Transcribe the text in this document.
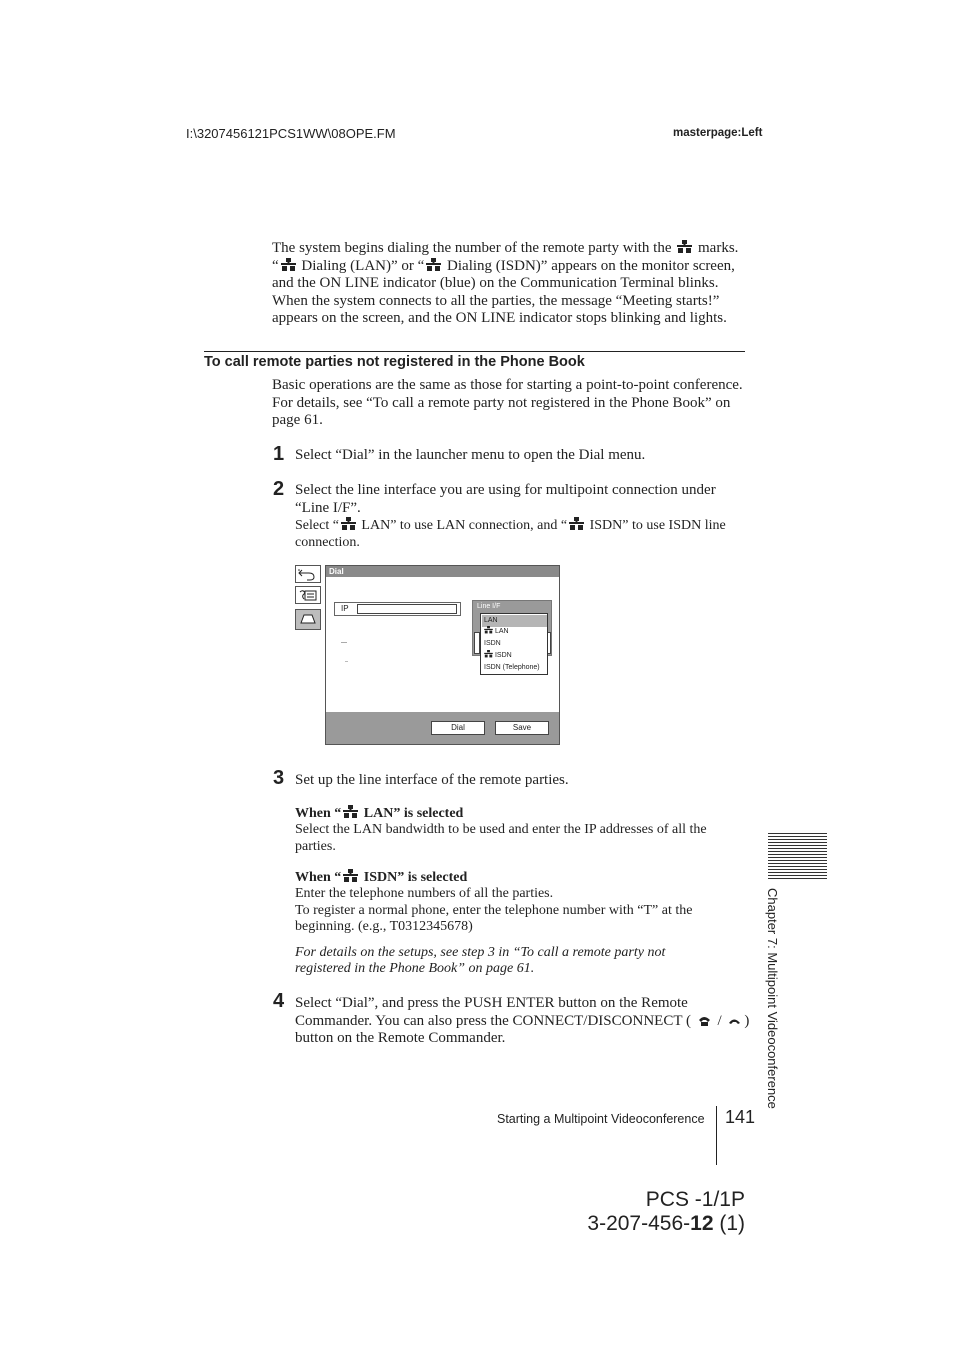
I:\3207456121PCS1WW\08OPE.FM	masterpage:Left
The system begins dialing the number of the remote party with the marks.
“ Dialing (LAN)” or “ Dialing (ISDN)” appears on the monitor screen,
and the ON LINE indicator (blue) on the Communication Terminal blinks.
When the system connects to all the parties, the message “Meeting starts!”
appears on the screen, and the ON LINE indicator stops blinking and lights.
To call remote parties not registered in the Phone Book
Basic operations are the same as those for starting a point-to-point conference.
For details, see “To call a remote party not registered in the Phone Book” on
page 61.
1 Select “Dial” in the launcher menu to open the Dial menu.
2 Select the line interface you are using for multipoint connection under
“Line I/F”.
Select “ LAN” to use LAN connection, and “ ISDN” to use ISDN line
connection.
Dial
IP	Line I/F
LAN
LAN
ISDN
ISDN
ISDN (Telephone)
Dial	Save
3 Set up the line interface of the remote parties.
When “ LAN” is selected
Select the LAN bandwidth to be used and enter the IP addresses of all the
parties.
When “ ISDN” is selected
Enter the telephone numbers of all the parties.
To register a normal phone, enter the telephone number with “T” at the
beginning. (e.g., T0312345678)
For details on the setups, see step 3 in “To call a remote party not
registered in the Phone Book” on page 61.
4 Select “Dial”, and press the PUSH ENTER button on the Remote
Commander. You can also press the CONNECT/DISCONNECT ( / )
button on the Remote Commander.	Chapter 7: Multipoint Videoconference
Starting a Multipoint Videoconference 141
PCS -1/1P
3-207-456-12 (1)
